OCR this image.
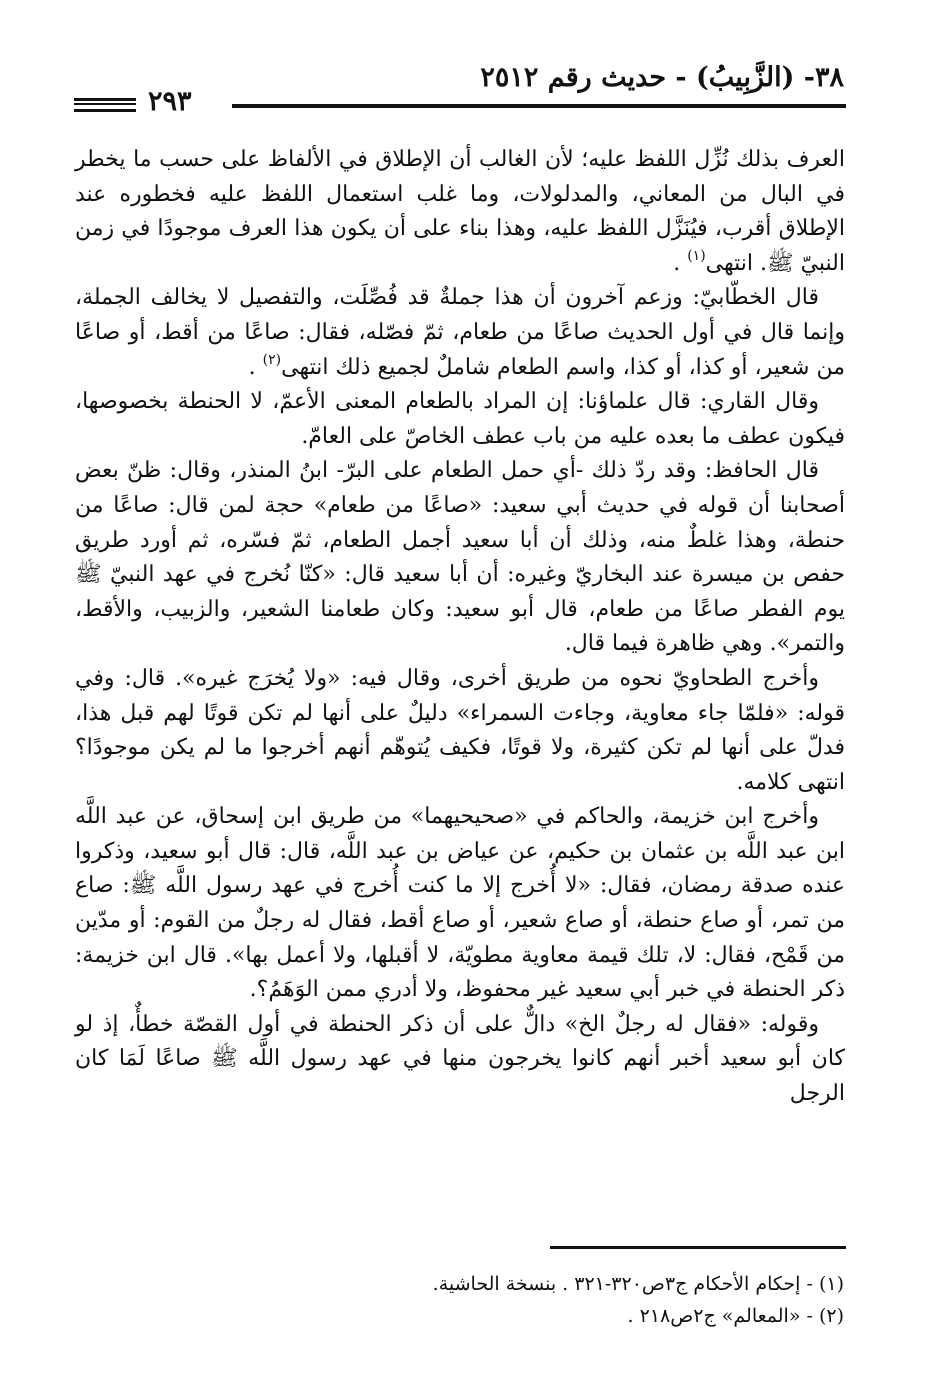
٣٨- (الزَّبِيبُ) - حديث رقم ٢٥١٢
٢٩٣

العرف بذلك نُزِّل اللفظ عليه؛ لأن الغالب أن الإطلاق في الألفاظ على حسب ما يخطر في البال من المعاني، والمدلولات، وما غلب استعمال اللفظ عليه فخطوره عند الإطلاق أقرب، فيُنَزَّل اللفظ عليه، وهذا بناء على أن يكون هذا العرف موجودًا في زمن النبيّ ﷺ. انتهى$^{(١)}$ .

قال الخطّابيّ: وزعم آخرون أن هذا جملةٌ قد فُصِّلَت، والتفصيل لا يخالف الجملة، وإنما قال في أول الحديث صاعًا من طعام، ثمّ فصّله، فقال: صاعًا من أقط، أو صاعًا من شعير، أو كذا، أو كذا، واسم الطعام شاملٌ لجميع ذلك انتهى$^{(٢)}$ .

وقال القاري: قال علماؤنا: إن المراد بالطعام المعنى الأعمّ، لا الحنطة بخصوصها، فيكون عطف ما بعده عليه من باب عطف الخاصّ على العامّ.

قال الحافظ: وقد ردّ ذلك -أي حمل الطعام على البرّ- ابنُ المنذر، وقال: ظنّ بعض أصحابنا أن قوله في حديث أبي سعيد: «صاعًا من طعام» حجة لمن قال: صاعًا من حنطة، وهذا غلطٌ منه، وذلك أن أبا سعيد أجمل الطعام، ثمّ فسّره، ثم أورد طريق حفص بن ميسرة عند البخاريّ وغيره: أن أبا سعيد قال: «كنّا نُخرج في عهد النبيّ ﷺ يوم الفطر صاعًا من طعام، قال أبو سعيد: وكان طعامنا الشعير، والزبيب، والأقط، والتمر». وهي ظاهرة فيما قال.

وأخرج الطحاويّ نحوه من طريق أخرى، وقال فيه: «ولا يُخرَج غيره». قال: وفي قوله: «فلمّا جاء معاوية، وجاءت السمراء» دليلٌ على أنها لم تكن قوتًا لهم قبل هذا، فدلّ على أنها لم تكن كثيرة، ولا قوتًا، فكيف يُتوهّم أنهم أخرجوا ما لم يكن موجودًا؟ انتهى كلامه.

وأخرج ابن خزيمة، والحاكم في «صحيحيهما» من طريق ابن إسحاق، عن عبد اللَّه ابن عبد اللَّه بن عثمان بن حكيم، عن عياض بن عبد اللَّه، قال: قال أبو سعيد، وذكروا عنده صدقة رمضان، فقال: «لا أُخرج إلا ما كنت أُخرج في عهد رسول اللَّه ﷺ: صاع من تمر، أو صاع حنطة، أو صاع شعير، أو صاع أقط، فقال له رجلٌ من القوم: أو مدّين من قَمْح، فقال: لا، تلك قيمة معاوية مطويّة، لا أقبلها، ولا أعمل بها». قال ابن خزيمة: ذكر الحنطة في خبر أبي سعيد غير محفوظ، ولا أدري ممن الوَهَمُ؟.

وقوله: «فقال له رجلٌ الخ» دالٌّ على أن ذكر الحنطة في أول القصّة خطأٌ، إذ لو كان أبو سعيد أخبر أنهم كانوا يخرجون منها في عهد رسول اللَّه ﷺ صاعًا لَمَا كان الرجل

(١) - إحكام الأحكام ج٣ص٣٢٠-٣٢١ . بنسخة الحاشية.

(٢) - «المعالم» ج٢ص٢١٨ .
